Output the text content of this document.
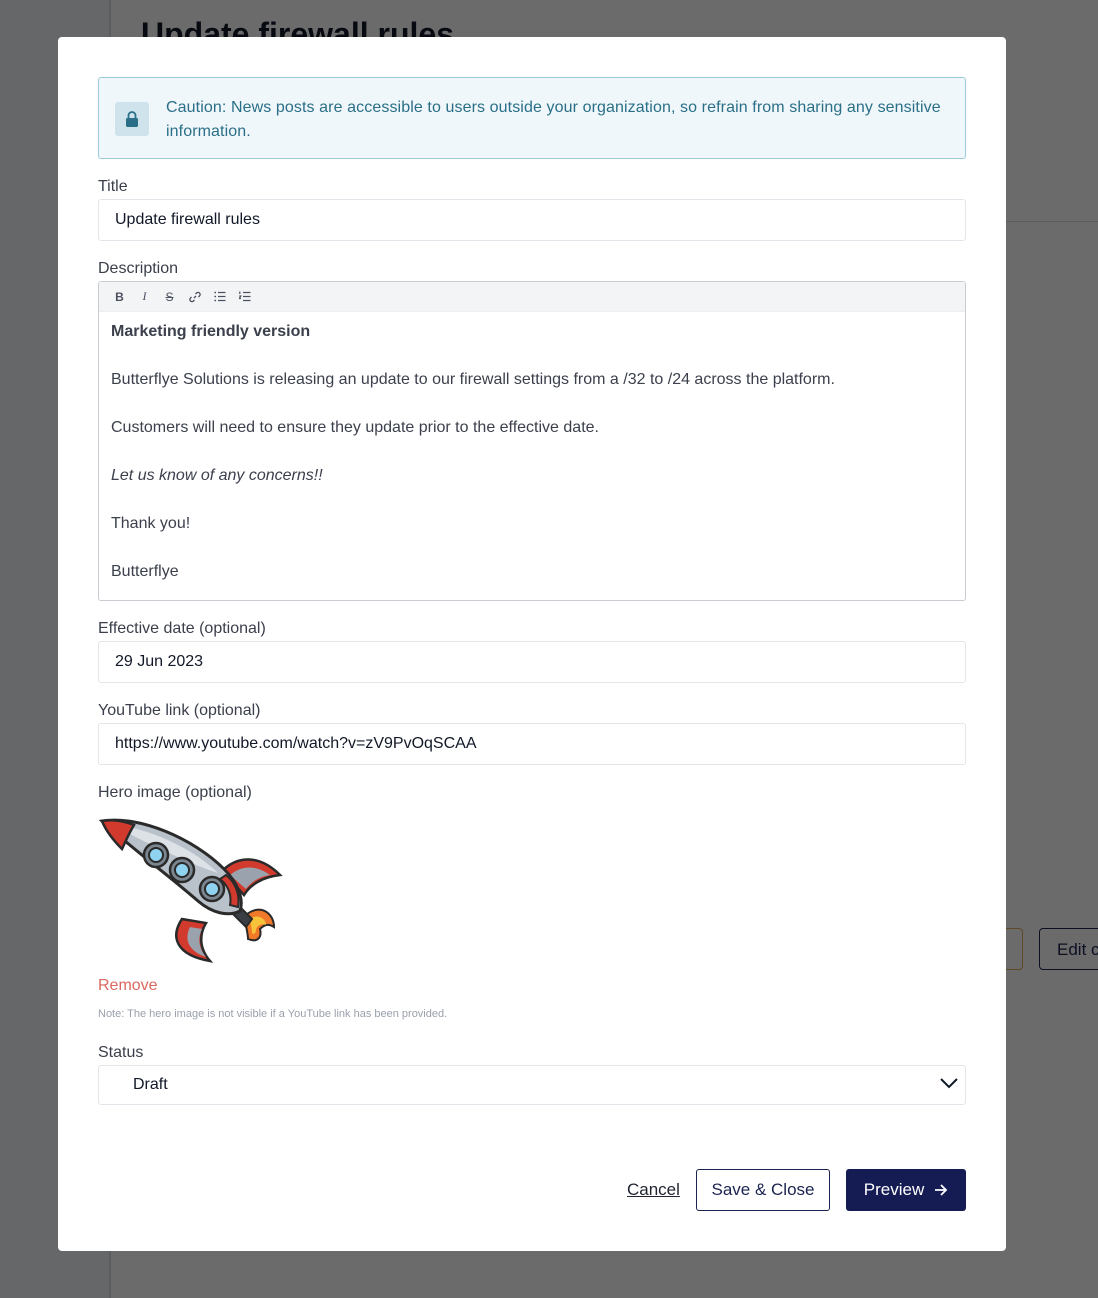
Caution: News posts are accessible to users outside your organization, so refrain from sharing any sensitive information.
Title
Update firewall rules
Description
B I S

Marketing friendly version

Butterflye Solutions is releasing an update to our firewall settings from a /32 to /24 across the platform.

Customers will need to ensure they update prior to the effective date.

Let us know of any concerns!!

Thank you!

Butterflye

Effective date (optional)
29 Jun 2023
YouTube link (optional)
https://www.youtube.com/watch?v=zV9PvOqSCAA
Hero image (optional)
Remove
Note: The hero image is not visible if a YouTube link has been provided.
Status
Draft
Cancel	Save & Close	Preview
